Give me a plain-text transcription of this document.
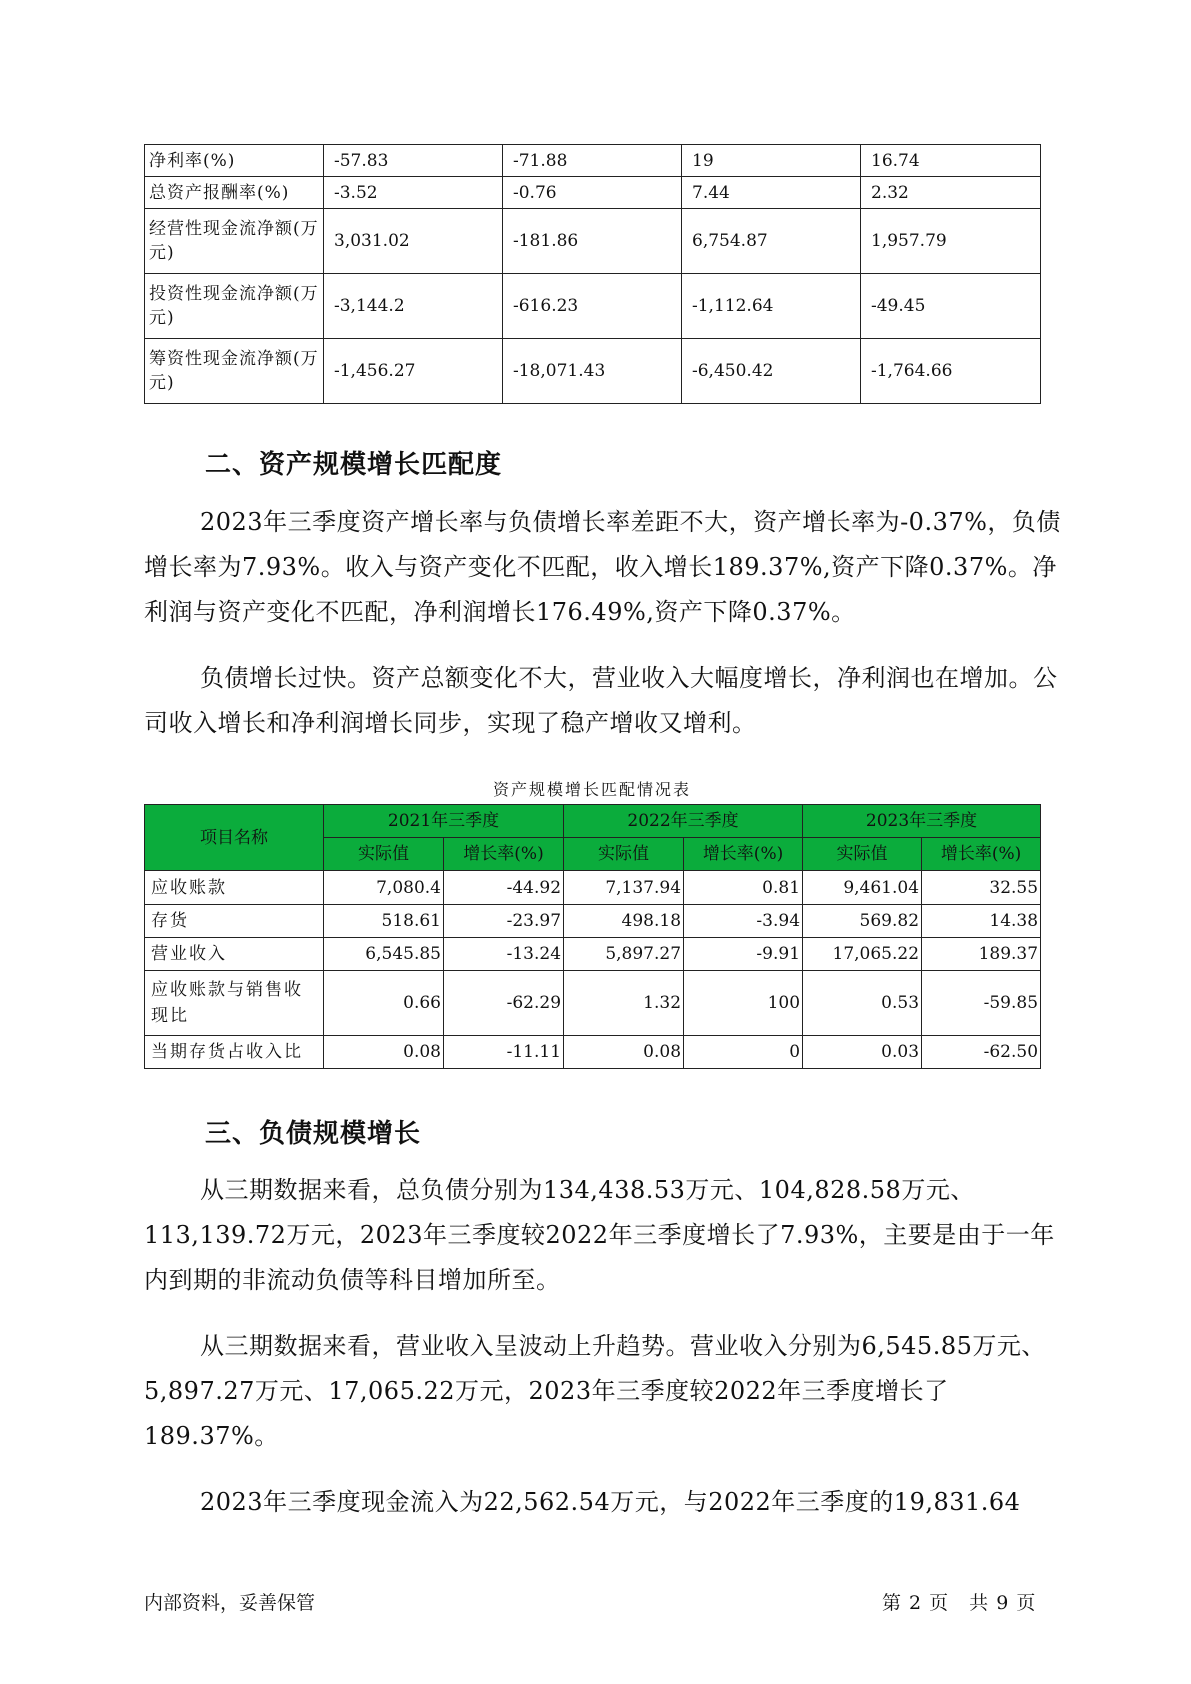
净利率(%)	-57.83	-71.88	19	16.74
总资产报酬率(%)	-3.52	-0.76	7.44	2.32
经营性现金流净额(万元)	3,031.02	-181.86	6,754.87	1,957.79
投资性现金流净额(万元)	-3,144.2	-616.23	-1,112.64	-49.45
筹资性现金流净额(万元)	-1,456.27	-18,071.43	-6,450.42	-1,764.66
二、资产规模增长匹配度

2023年三季度资产增长率与负债增长率差距不大，资产增长率为-0.37%，负债增长率为7.93%。收入与资产变化不匹配，收入增长189.37%,资产下降0.37%。净利润与资产变化不匹配，净利润增长176.49%,资产下降0.37%。

负债增长过快。资产总额变化不大，营业收入大幅度增长，净利润也在增加。公司收入增长和净利润增长同步，实现了稳产增收又增利。

资产规模增长匹配情况表
项目名称	2021年三季度		2022年三季度		2023年三季度	
	实际值	增长率(%)	实际值	增长率(%)	实际值	增长率(%)
应收账款	7,080.4	-44.92	7,137.94	0.81	9,461.04	32.55
存货	518.61	-23.97	498.18	-3.94	569.82	14.38
营业收入	6,545.85	-13.24	5,897.27	-9.91	17,065.22	189.37
应收账款与销售收现比	0.66	-62.29	1.32	100	0.53	-59.85
当期存货占收入比	0.08	-11.11	0.08	0	0.03	-62.50
三、负债规模增长

从三期数据来看，总负债分别为134,438.53万元、104,828.58万元、113,139.72万元，2023年三季度较2022年三季度增长了7.93%，主要是由于一年内到期的非流动负债等科目增加所至。

从三期数据来看，营业收入呈波动上升趋势。营业收入分别为6,545.85万元、5,897.27万元、17,065.22万元，2023年三季度较2022年三季度增长了189.37%。

2023年三季度现金流入为22,562.54万元，与2022年三季度的19,831.64

内部资料，妥善保管	第 2 页　共 9 页
